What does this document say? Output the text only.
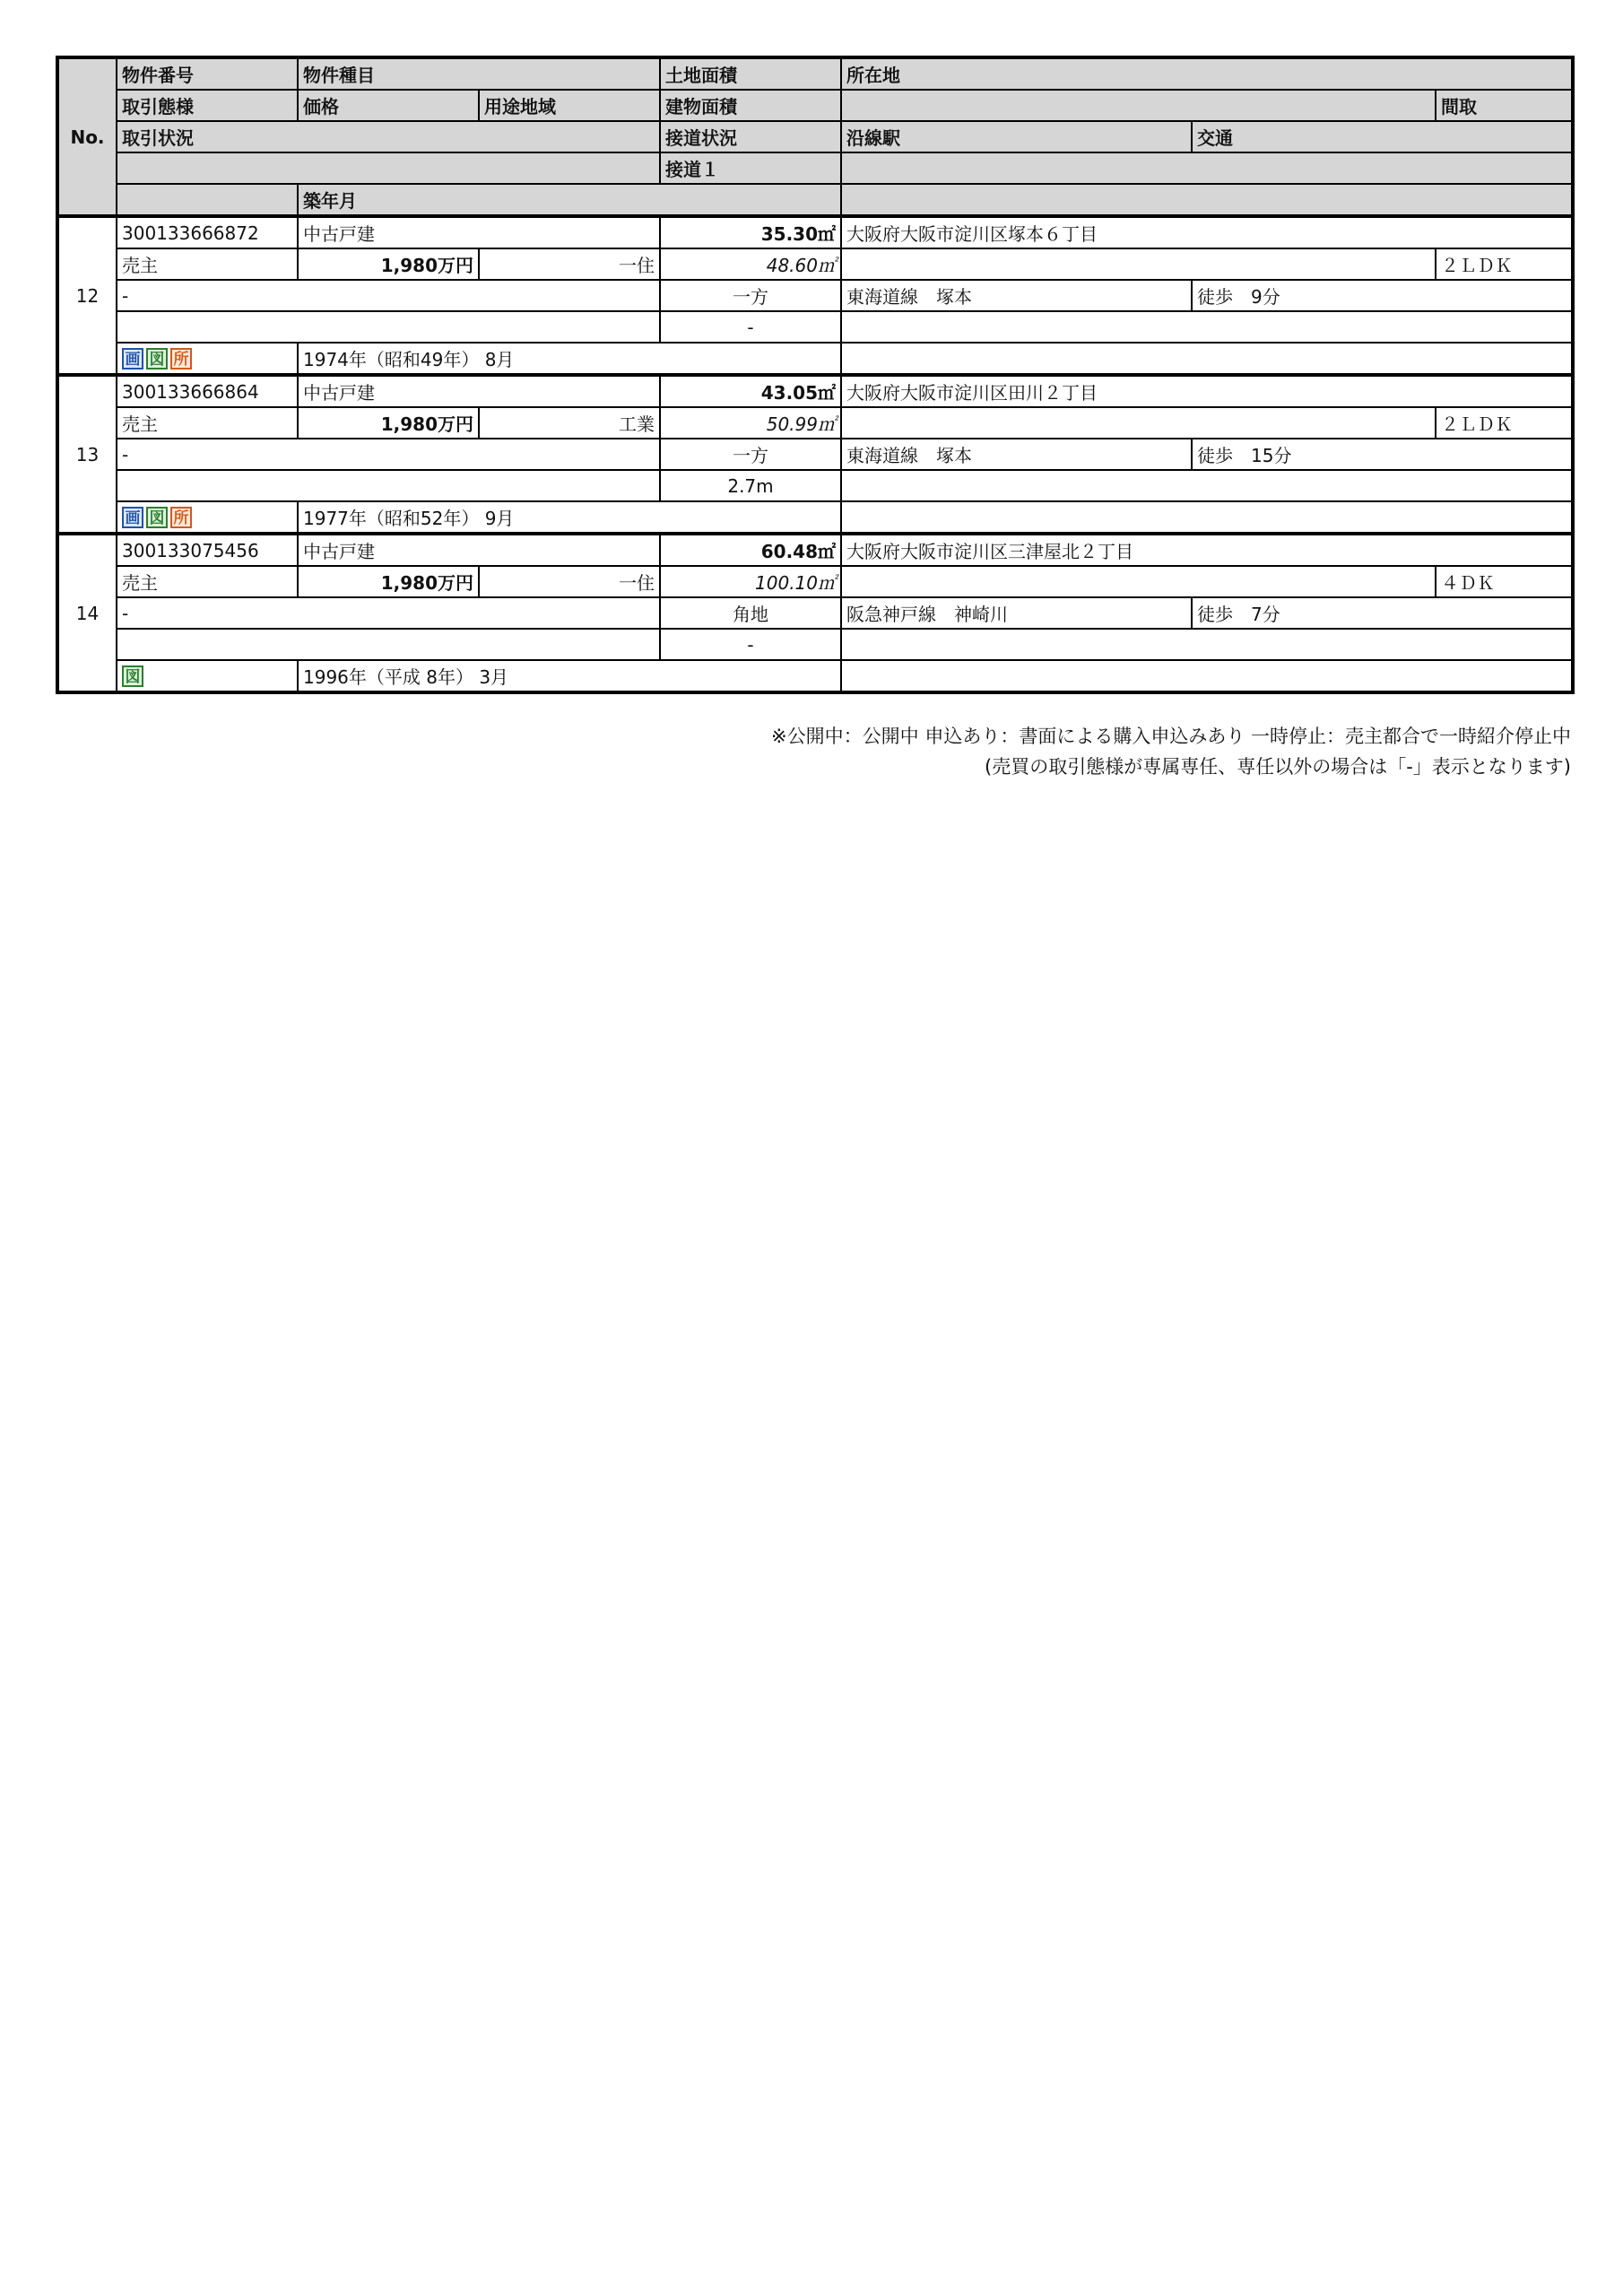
No.	物件番号	物件種目		土地面積	所在地		
	取引態様	価格	用途地域	建物面積			間取
	取引状況			接道状況	沿線駅	交通	
				接道１			
		築年月					
12	300133666872	中古戸建		35.30㎡	大阪府大阪市淀川区塚本６丁目		
	売主	1,980万円	一住	48.60㎡			２ＬＤＫ
	-			一方	東海道線　塚本	徒歩　9分	
				-			
	画 図 所	1974年（昭和49年） 8月					
13	300133666864	中古戸建		43.05㎡	大阪府大阪市淀川区田川２丁目		
	売主	1,980万円	工業	50.99㎡			２ＬＤＫ
	-			一方	東海道線　塚本	徒歩　15分	
				2.7m			
	画 図 所	1977年（昭和52年） 9月					
14	300133075456	中古戸建		60.48㎡	大阪府大阪市淀川区三津屋北２丁目		
	売主	1,980万円	一住	100.10㎡			４ＤＫ
	-			角地	阪急神戸線　神崎川	徒歩　7分	
				-			
	図	1996年（平成 8年） 3月					
※公開中：公開中 申込あり：書面による購入申込みあり 一時停止：売主都合で一時紹介停止中
(売買の取引態様が専属専任、専任以外の場合は「-」表示となります)
